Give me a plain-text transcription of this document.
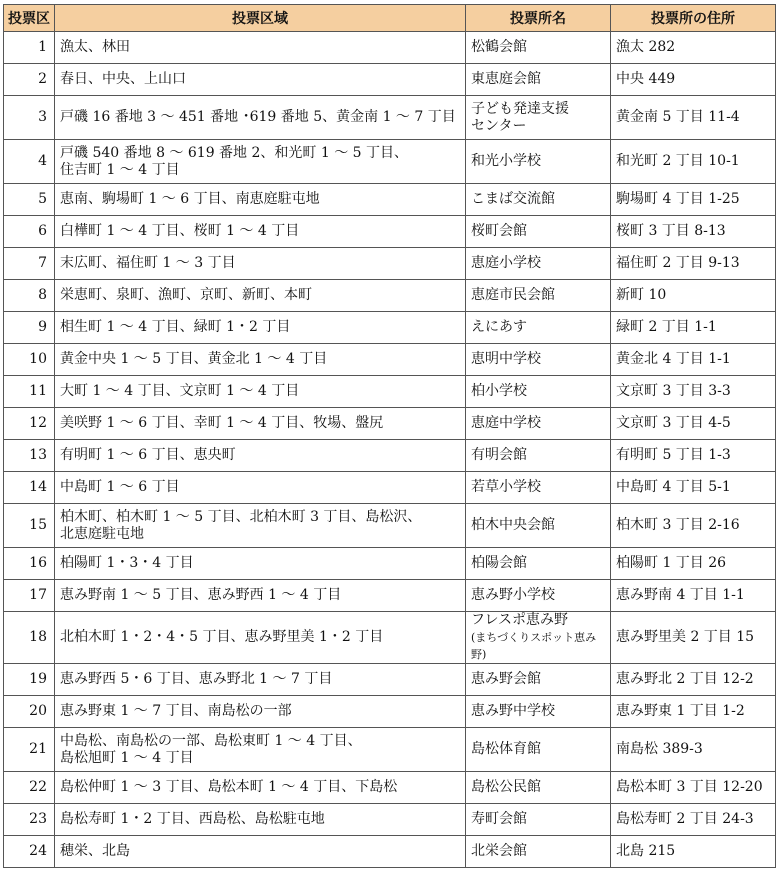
投票区	投票区域	投票所名	投票所の住所
1	漁太、林田	松鶴会館	漁太 282
2	春日、中央、上山口	東恵庭会館	中央 449
3	戸磯 16 番地 3 ～ 451 番地 ･619 番地 5、黄金南 1 ～ 7 丁目	子ども発達支援
センター	黄金南 5 丁目 11-4
4	戸磯 540 番地 8 ～ 619 番地 2、和光町 1 ～ 5 丁目、
住吉町 1 ～ 4 丁目	和光小学校	和光町 2 丁目 10-1
5	恵南、駒場町 1 ～ 6 丁目、南恵庭駐屯地	こまば交流館	駒場町 4 丁目 1-25
6	白樺町 1 ～ 4 丁目、桜町 1 ～ 4 丁目	桜町会館	桜町 3 丁目 8-13
7	末広町、福住町 1 ～ 3 丁目	恵庭小学校	福住町 2 丁目 9-13
8	栄恵町、泉町、漁町、京町、新町、本町	恵庭市民会館	新町 10
9	相生町 1 ～ 4 丁目、緑町 1・2 丁目	えにあす	緑町 2 丁目 1-1
10	黄金中央 1 ～ 5 丁目、黄金北 1 ～ 4 丁目	恵明中学校	黄金北 4 丁目 1-1
11	大町 1 ～ 4 丁目、文京町 1 ～ 4 丁目	柏小学校	文京町 3 丁目 3-3
12	美咲野 1 ～ 6 丁目、幸町 1 ～ 4 丁目、牧場、盤尻	恵庭中学校	文京町 3 丁目 4-5
13	有明町 1 ～ 6 丁目、恵央町	有明会館	有明町 5 丁目 1-3
14	中島町 1 ～ 6 丁目	若草小学校	中島町 4 丁目 5-1
15	柏木町、柏木町 1 ～ 5 丁目、北柏木町 3 丁目、島松沢、
北恵庭駐屯地	柏木中央会館	柏木町 3 丁目 2-16
16	柏陽町 1・3・4 丁目	柏陽会館	柏陽町 1 丁目 26
17	恵み野南 1 ～ 5 丁目、恵み野西 1 ～ 4 丁目	恵み野小学校	恵み野南 4 丁目 1-1
18	北柏木町 1・2・4・5 丁目、恵み野里美 1・2 丁目	フレスポ恵み野
(まちづくりスポット恵み野)	恵み野里美 2 丁目 15
19	恵み野西 5・6 丁目、恵み野北 1 ～ 7 丁目	恵み野会館	恵み野北 2 丁目 12-2
20	恵み野東 1 ～ 7 丁目、南島松の一部	恵み野中学校	恵み野東 1 丁目 1-2
21	中島松、南島松の一部、島松東町 1 ～ 4 丁目、
島松旭町 1 ～ 4 丁目	島松体育館	南島松 389-3
22	島松仲町 1 ～ 3 丁目、島松本町 1 ～ 4 丁目、下島松	島松公民館	島松本町 3 丁目 12-20
23	島松寿町 1・2 丁目、西島松、島松駐屯地	寿町会館	島松寿町 2 丁目 24-3
24	穂栄、北島	北栄会館	北島 215
